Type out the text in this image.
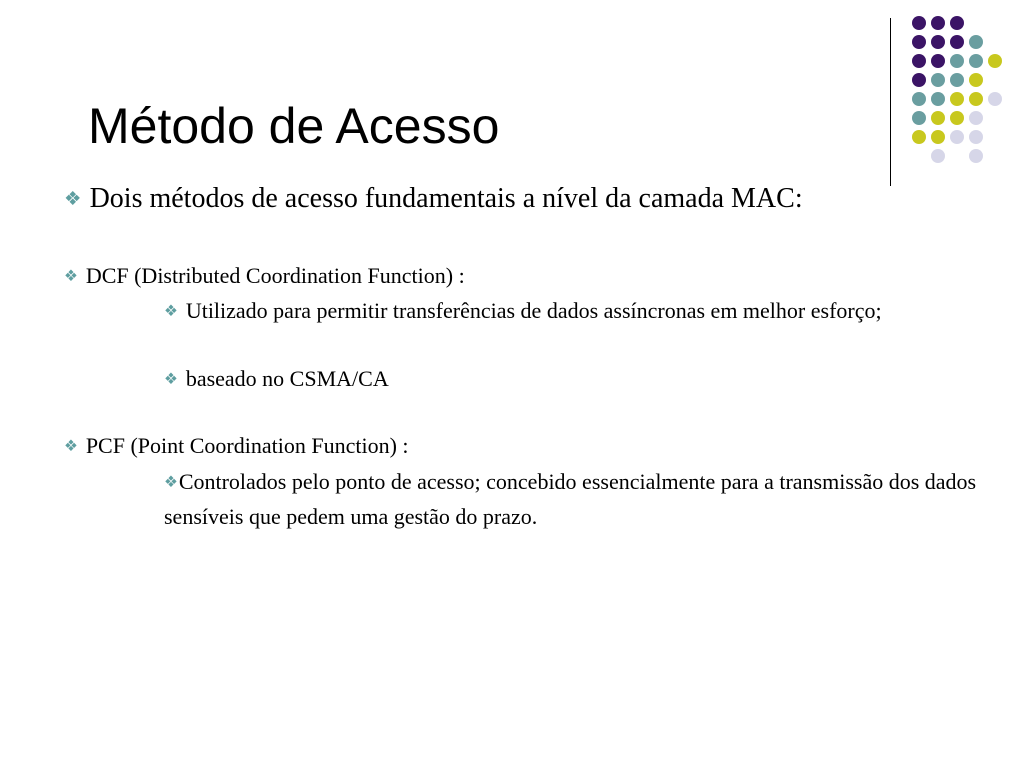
Método de Acesso
❖ Dois métodos de acesso fundamentais a nível da camada MAC:
❖ DCF (Distributed Coordination Function) :
❖ Utilizado para permitir transferências de dados assíncronas em melhor esforço;
❖ baseado no CSMA/CA
❖ PCF (Point Coordination Function) :
❖Controlados pelo ponto de acesso; concebido essencialmente para a transmissão dos dados sensíveis que pedem uma gestão do prazo.
